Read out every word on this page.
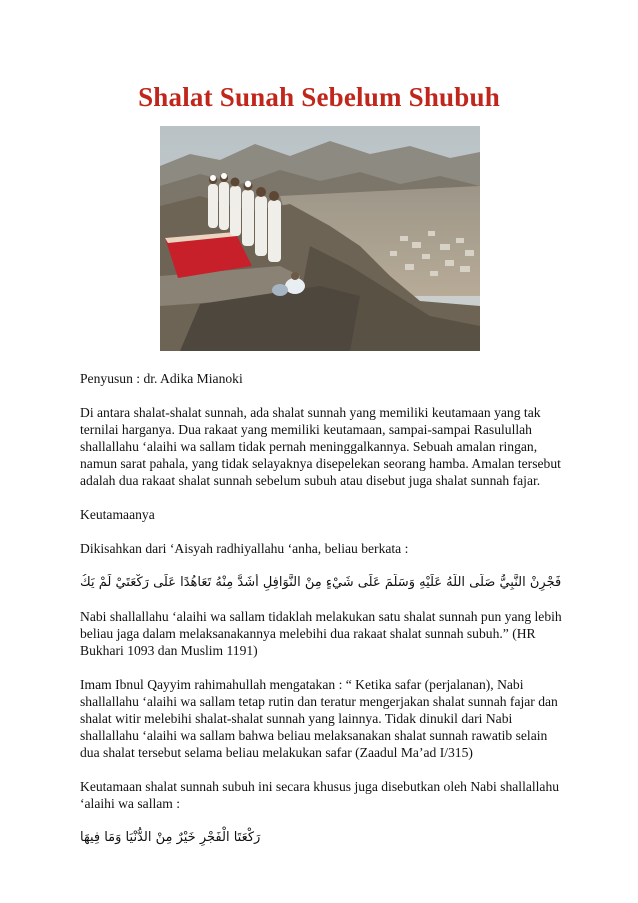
Shalat Sunah Sebelum Shubuh

Penyusun : dr. Adika Mianoki

Di antara shalat-shalat sunnah, ada shalat sunnah yang memiliki keutamaan yang tak ternilai harganya. Dua rakaat yang memiliki keutamaan, sampai-sampai Rasulullah shallallahu ‘alaihi wa sallam tidak pernah meninggalkannya. Sebuah amalan ringan, namun sarat pahala, yang tidak selayaknya disepelekan seorang hamba. Amalan tersebut adalah dua rakaat shalat sunnah sebelum subuh atau disebut juga shalat sunnah fajar.

Keutamaanya

Dikisahkan dari ‘Aisyah radhiyallahu ‘anha, beliau berkata :

فَجْرِنْ النَّبِيُّ صَلَّى اللَّهُ عَلَيْهِ وَسَلَّمَ عَلَى شَيْءٍ مِنْ النَّوَافِلِ أَشَدَّ مِنْهُ تَعَاهُدًا عَلَى رَكْعَتَيْ لَمْ يَكُ

Nabi shallallahu ‘alaihi wa sallam tidaklah melakukan satu shalat sunnah pun yang lebih beliau jaga dalam melaksanakannya melebihi dua rakaat shalat sunnah subuh.” (HR Bukhari 1093 dan Muslim 1191)

Imam Ibnul Qayyim rahimahullah mengatakan : “ Ketika safar (perjalanan), Nabi shallallahu ‘alaihi wa sallam tetap rutin dan teratur mengerjakan shalat sunnah fajar dan shalat witir melebihi shalat-shalat sunnah yang lainnya. Tidak dinukil dari Nabi shallallahu ‘alaihi wa sallam bahwa beliau melaksanakan shalat sunnah rawatib selain dua shalat tersebut selama beliau melakukan safar (Zaadul Ma’ad I/315)

Keutamaan shalat sunnah subuh ini secara khusus juga disebutkan oleh Nabi shallallahu ‘alaihi wa sallam :

رَكْعَتَا الْفَجْرِ خَيْرٌ مِنْ الدُّنْيَا وَمَا فِيهَا
